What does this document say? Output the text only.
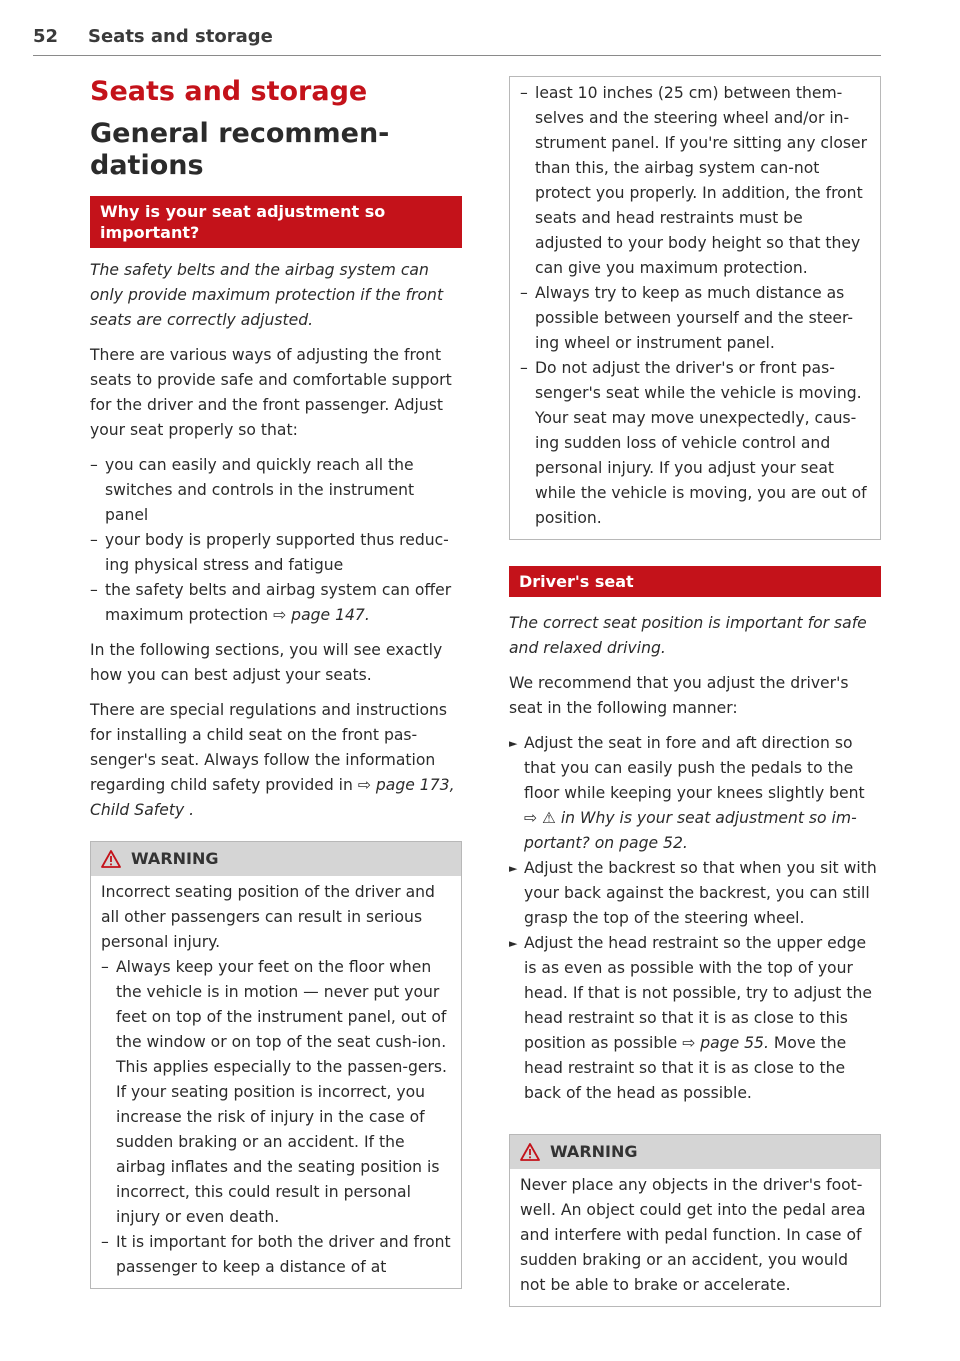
52 Seats and storage
Seats and storage
General recommen-dations
Why is your seat adjustment so important?

The safety belts and the airbag system can only provide maximum protection if the front seats are correctly adjusted.

There are various ways of adjusting the front seats to provide safe and comfortable support for the driver and the front passenger. Adjust your seat properly so that:

– you can easily and quickly reach all the switches and controls in the instrument panel
– your body is properly supported thus reduc-ing physical stress and fatigue
– the safety belts and airbag system can offer maximum protection ⇨ page 147.

In the following sections, you will see exactly how you can best adjust your seats.

There are special regulations and instructions for installing a child seat on the front pas-senger's seat. Always follow the information regarding child safety provided in ⇨ page 173, Child Safety .

WARNING

Incorrect seating position of the driver and all other passengers can result in serious personal injury.

– Always keep your feet on the floor when the vehicle is in motion — never put your feet on top of the instrument panel, out of the window or on top of the seat cush-ion. This applies especially to the passen-gers. If your seating position is incorrect, you increase the risk of injury in the case of sudden braking or an accident. If the airbag inflates and the seating position is incorrect, this could result in personal injury or even death.
– It is important for both the driver and front passenger to keep a distance of at
– least 10 inches (25 cm) between them-selves and the steering wheel and/or in-strument panel. If you're sitting any closer than this, the airbag system can-not protect you properly. In addition, the front seats and head restraints must be adjusted to your body height so that they can give you maximum protection.
– Always try to keep as much distance as possible between yourself and the steer-ing wheel or instrument panel.
– Do not adjust the driver's or front pas-senger's seat while the vehicle is moving. Your seat may move unexpectedly, caus-ing sudden loss of vehicle control and personal injury. If you adjust your seat while the vehicle is moving, you are out of position.
Driver's seat

The correct seat position is important for safe and relaxed driving.

We recommend that you adjust the driver's seat in the following manner:

► Adjust the seat in fore and aft direction so that you can easily push the pedals to the floor while keeping your knees slightly bent ⇨ ⚠ in Why is your seat adjustment so im-portant? on page 52.
► Adjust the backrest so that when you sit with your back against the backrest, you can still grasp the top of the steering wheel.
► Adjust the head restraint so the upper edge is as even as possible with the top of your head. If that is not possible, try to adjust the head restraint so that it is as close to this position as possible ⇨ page 55. Move the head restraint so that it is as close to the back of the head as possible.
WARNING

Never place any objects in the driver's foot-well. An object could get into the pedal area and interfere with pedal function. In case of sudden braking or an accident, you would not be able to brake or accelerate.
